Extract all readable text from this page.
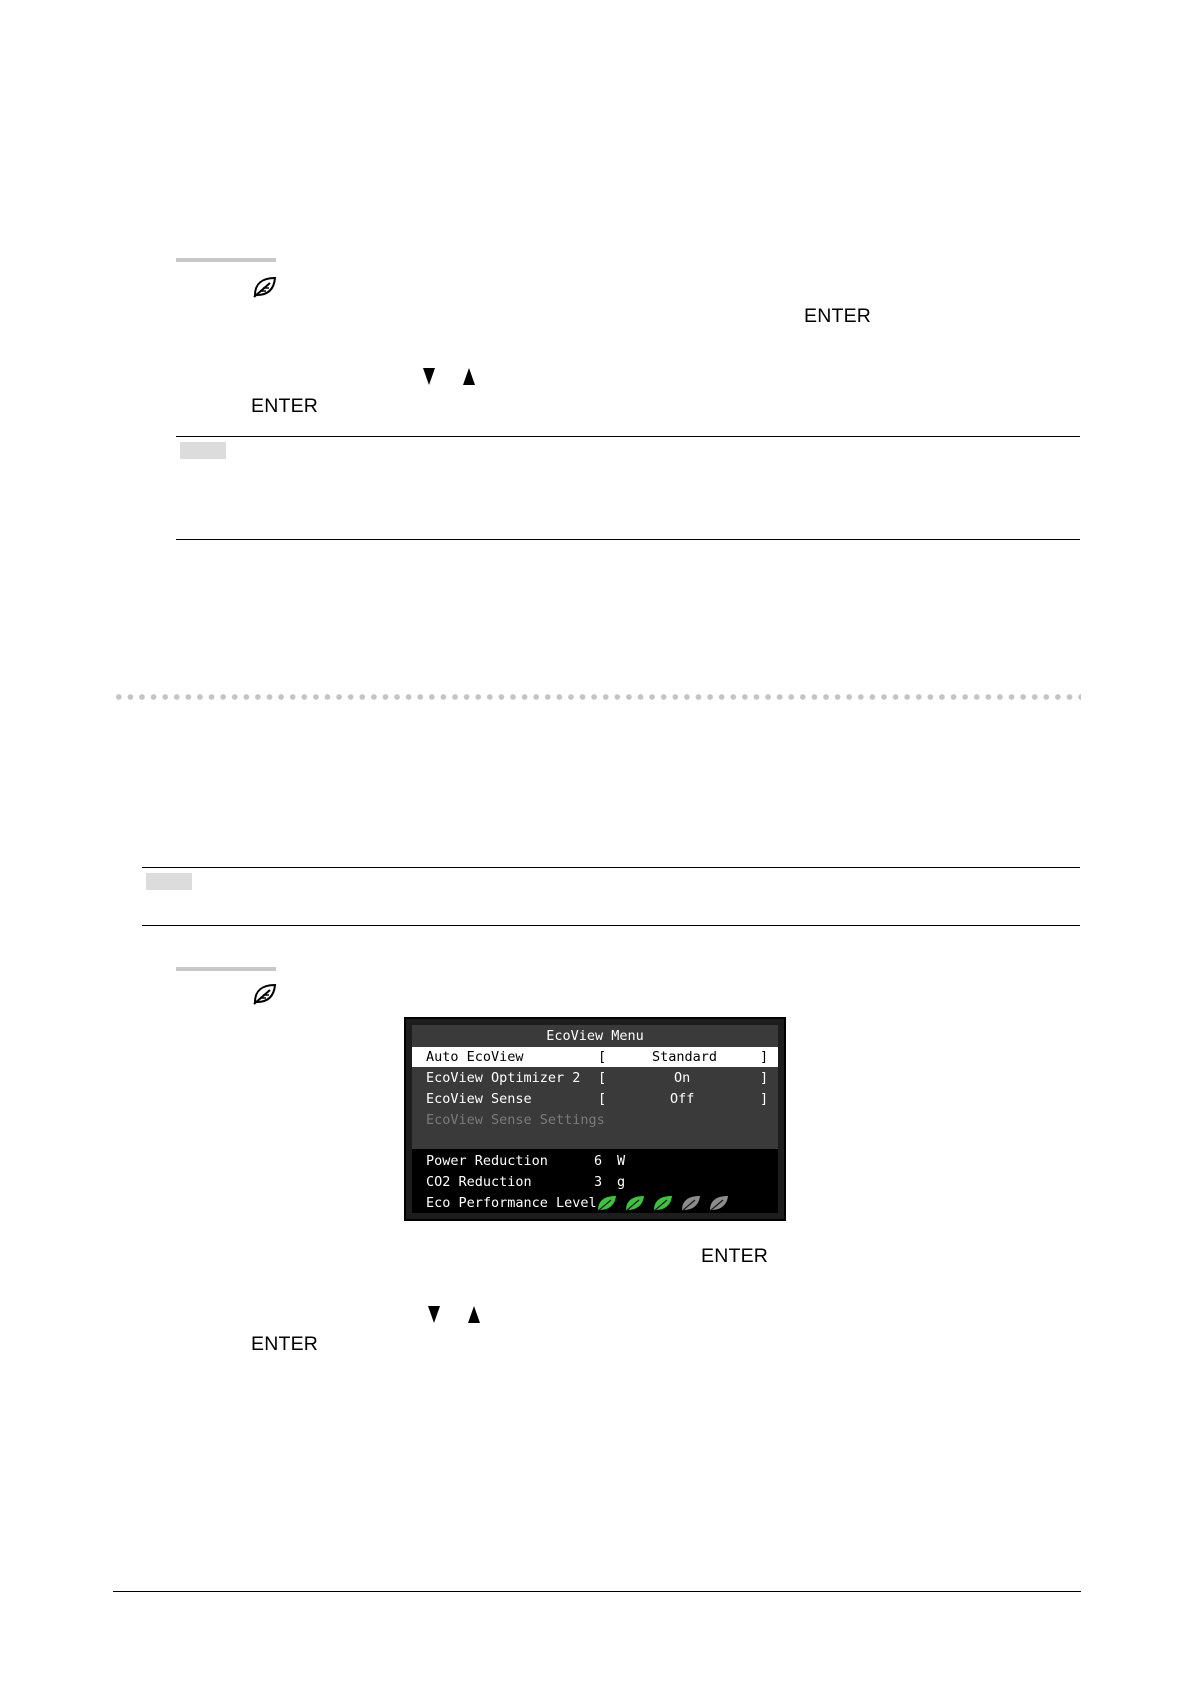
ENTER
ENTER
EcoView Menu
Auto EcoView	[	Standard	]
EcoView Optimizer 2 [	On	]
EcoView Sense	[	Off	]
EcoView Sense Settings
Power Reduction	6 W
CO2 Reduction	3 g
Eco Performance Level
ENTER
ENTER
